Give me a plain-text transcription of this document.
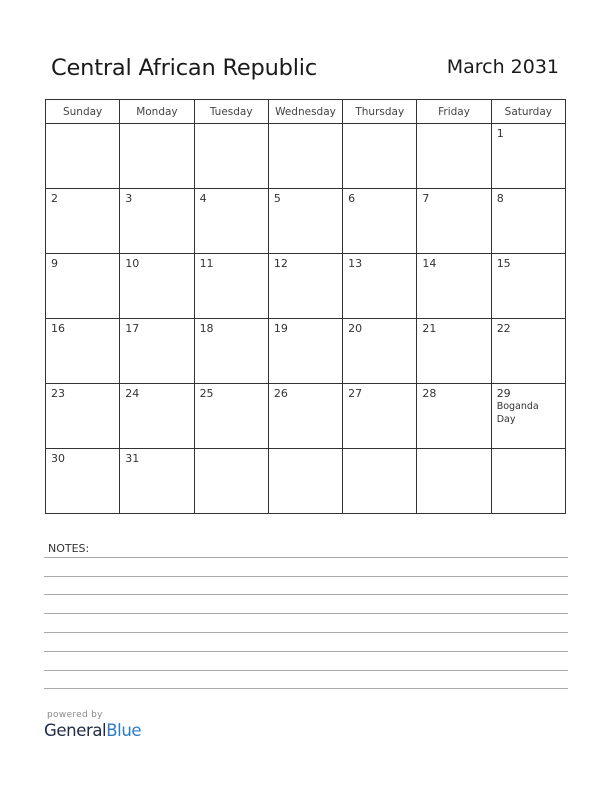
Central African Republic	March 2031
Sunday	Monday	Tuesday	Wednesday	Thursday	Friday	Saturday

						1

2	3	4	5	6	7	8

9	10	11	12	13	14	15

16	17	18	19	20	21	22

23	24	25	26	27	28	29
Boganda
Day

30	31					

NOTES:
powered by
GeneralBlue
